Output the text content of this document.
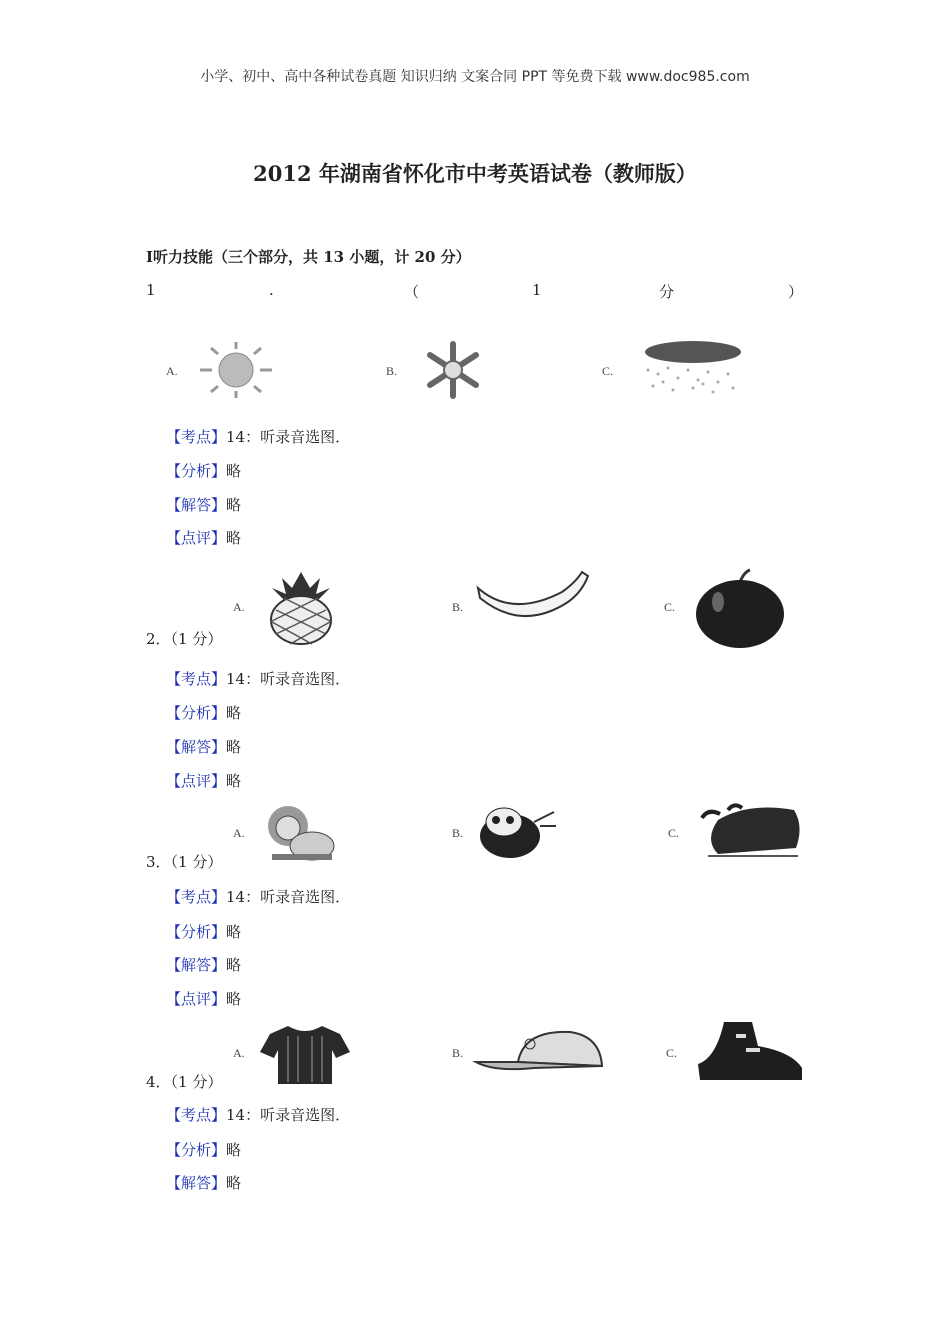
小学、初中、高中各种试卷真题 知识归纳 文案合同 PPT 等免费下载 www.doc985.com
2012 年湖南省怀化市中考英语试卷（教师版）
Ⅰ听力技能（三个部分，共 13 小题，计 20 分）
1	.	（	1	分	）
A.	B.	C.
【考点】14：听录音选图．
【分析】略
【解答】略
【点评】略
A.	B.	C.
2．（1 分）
【考点】14：听录音选图．
【分析】略
【解答】略
【点评】略
A.	B.	C.
3．（1 分）
【考点】14：听录音选图．
【分析】略
【解答】略
【点评】略
A.	B.	C.
4．（1 分）
【考点】14：听录音选图．
【分析】略
【解答】略
